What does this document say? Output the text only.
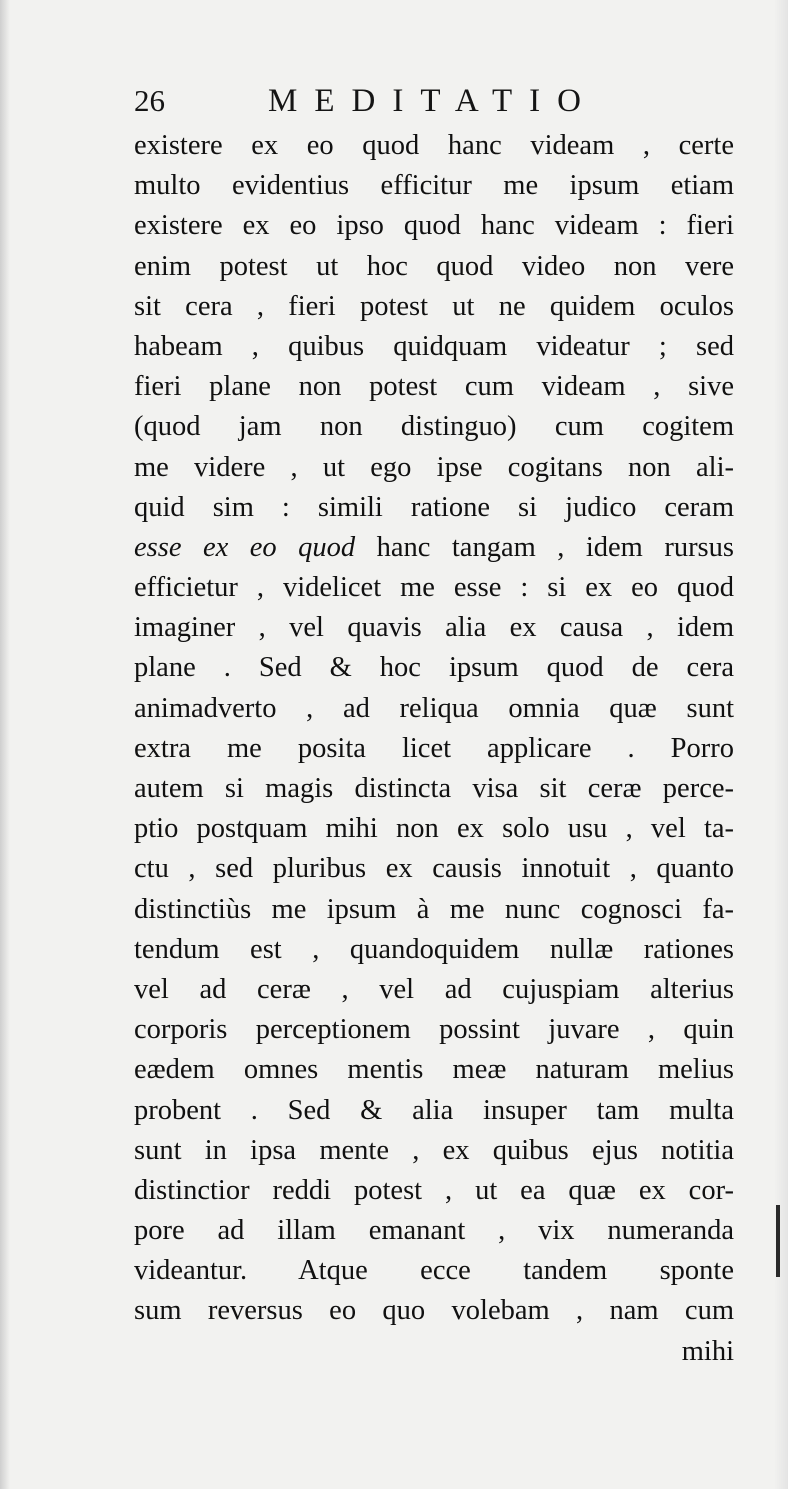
26	MEDITATIO
existere ex eo quod hanc videam , certe
multo evidentius efficitur me ipsum etiam
existere ex eo ipso quod hanc videam : fieri
enim potest ut hoc quod video non vere
sit cera , fieri potest ut ne quidem oculos
habeam , quibus quidquam videatur ; sed
fieri plane non potest cum videam , sive
(quod jam non distinguo) cum cogitem
me videre , ut ego ipse cogitans non ali-
quid sim : simili ratione si judico ceram
esse ex eo quod hanc tangam , idem rursus
efficietur , videlicet me esse : si ex eo quod
imaginer , vel quavis alia ex causa , idem
plane . Sed & hoc ipsum quod de cera
animadverto , ad reliqua omnia quæ sunt
extra me posita licet applicare . Porro
autem si magis distincta visa sit ceræ perce-
ptio postquam mihi non ex solo usu , vel ta-
ctu , sed pluribus ex causis innotuit , quanto
distinctiùs me ipsum à me nunc cognosci fa-
tendum est , quandoquidem nullæ rationes
vel ad ceræ , vel ad cujuspiam alterius
corporis perceptionem possint juvare , quin
eædem omnes mentis meæ naturam melius
probent . Sed & alia insuper tam multa
sunt in ipsa mente , ex quibus ejus notitia
distinctior reddi potest , ut ea quæ ex cor-
pore ad illam emanant , vix numeranda
videantur. Atque ecce tandem sponte
sum reversus eo quo volebam , nam cum
mihi
